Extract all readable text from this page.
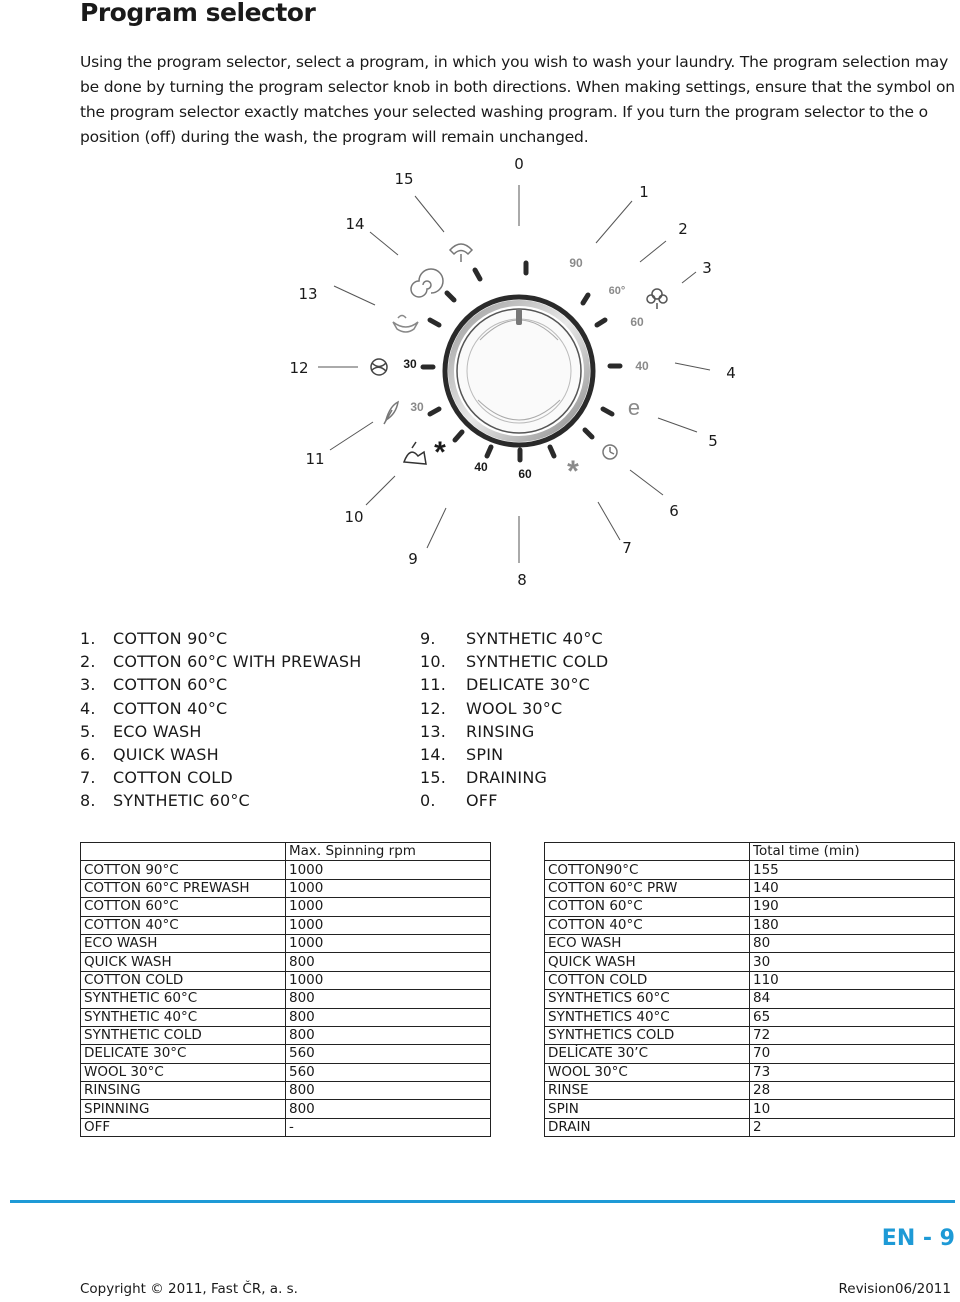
Program selector
Using the program selector, select a program, in which you wish to wash your laundry. The program selection may be done by turning the program selector knob in both directions. When making settings, ensure that the symbol on the program selector exactly matches your selected washing program. If you turn the program selector to the o position (off) during the wash, the program will remain unchanged.
0
1
2
3
4
5
6
7
8
9
10
11
12
13
14
15
90
60°
60
40
e
*
60
40
*
30
30
1. COTTON 90°C
2. COTTON 60°C WITH PREWASH
3. COTTON 60°C
4. COTTON 40°C
5. ECO WASH
6. QUICK WASH
7. COTTON COLD
8. SYNTHETIC 60°C
9. SYNTHETIC 40°C
10. SYNTHETIC COLD
11. DELICATE 30°C
12. WOOL 30°C
13. RINSING
14. SPIN
15. DRAINING
0. OFF
	Max. Spinning rpm
COTTON 90°C	1000
COTTON 60°C PREWASH	1000
COTTON 60°C	1000
COTTON 40°C	1000
ECO WASH	1000
QUICK WASH	800
COTTON COLD	1000
SYNTHETIC 60°C	800
SYNTHETIC 40°C	800
SYNTHETIC COLD	800
DELICATE 30°C	560
WOOL 30°C	560
RINSING	800
SPINNING	800
OFF	-
	Total time (min)
COTTON90°C	155
COTTON 60°C PRW	140
COTTON 60°C	190
COTTON 40°C	180
ECO WASH	80
QUICK WASH	30
COTTON COLD	110
SYNTHETICS 60°C	84
SYNTHETICS 40°C	65
SYNTHETICS COLD	72
DELİCATE 30’C	70
WOOL 30°C	73
RINSE	28
SPIN	10
DRAIN	2
EN - 9
Copyright © 2011, Fast ČR, a. s.	Revision06/2011
